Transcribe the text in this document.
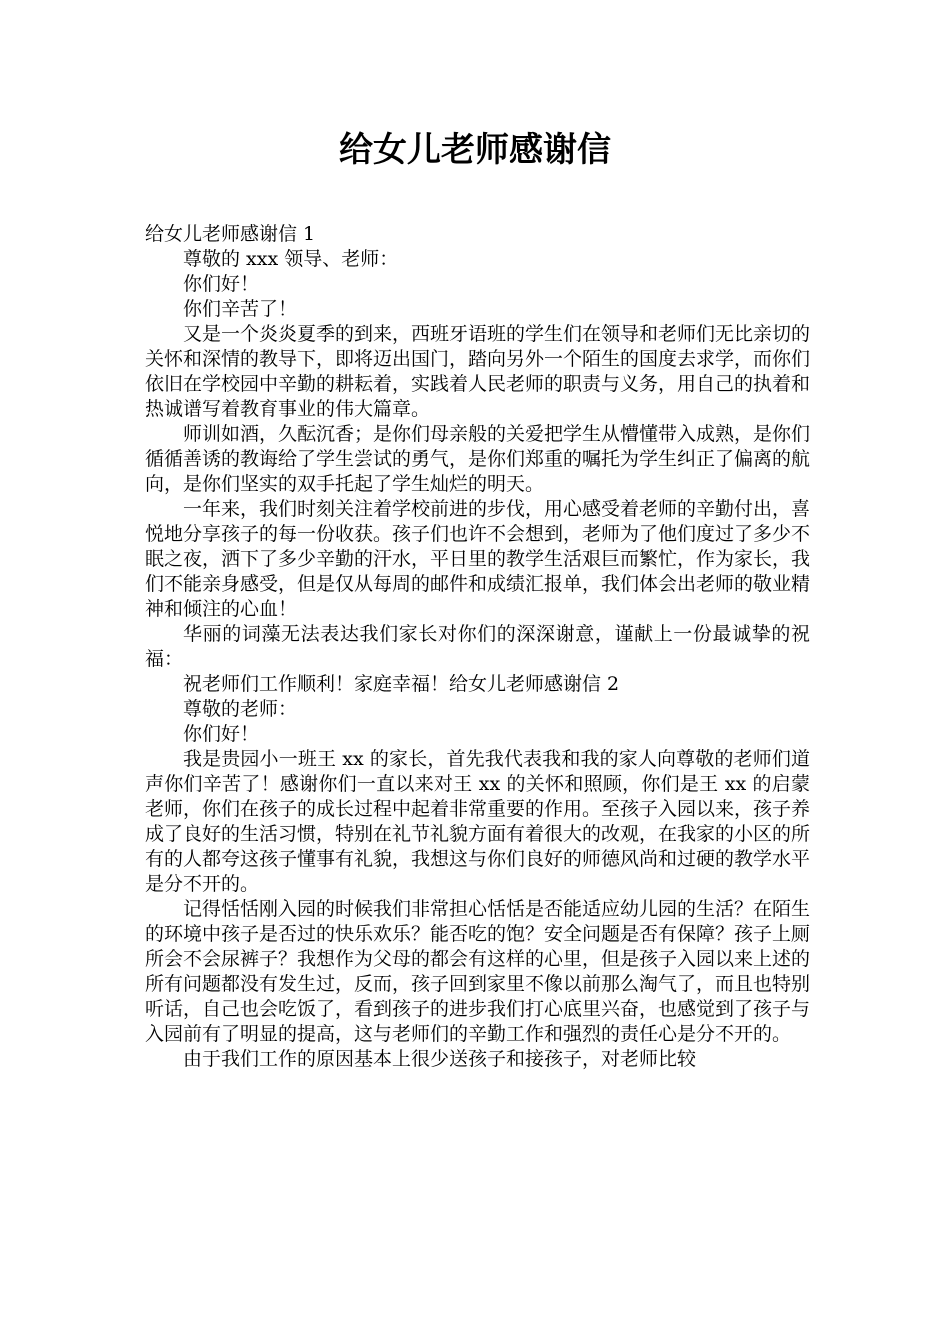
给女儿老师感谢信

给女儿老师感谢信 1

尊敬的 xxx 领导、老师：

你们好！

你们辛苦了！

又是一个炎炎夏季的到来，西班牙语班的学生们在领导和老师们无比亲切的关怀和深情的教导下，即将迈出国门，踏向另外一个陌生的国度去求学，而你们依旧在学校园中辛勤的耕耘着，实践着人民老师的职责与义务，用自己的执着和热诚谱写着教育事业的伟大篇章。

师训如酒，久酝沉香；是你们母亲般的关爱把学生从懵懂带入成熟，是你们循循善诱的教诲给了学生尝试的勇气，是你们郑重的嘱托为学生纠正了偏离的航向，是你们坚实的双手托起了学生灿烂的明天。

一年来，我们时刻关注着学校前进的步伐，用心感受着老师的辛勤付出，喜悦地分享孩子的每一份收获。孩子们也许不会想到，老师为了他们度过了多少不眠之夜，洒下了多少辛勤的汗水，平日里的教学生活艰巨而繁忙，作为家长，我们不能亲身感受，但是仅从每周的邮件和成绩汇报单，我们体会出老师的敬业精神和倾注的心血！

华丽的词藻无法表达我们家长对你们的深深谢意，谨献上一份最诚挚的祝福：

祝老师们工作顺利！家庭幸福！给女儿老师感谢信 2

尊敬的老师：

你们好！

我是贵园小一班王 xx 的家长，首先我代表我和我的家人向尊敬的老师们道声你们辛苦了！感谢你们一直以来对王 xx 的关怀和照顾，你们是王 xx 的启蒙老师，你们在孩子的成长过程中起着非常重要的作用。至孩子入园以来，孩子养成了良好的生活习惯，特别在礼节礼貌方面有着很大的改观，在我家的小区的所有的人都夸这孩子懂事有礼貌，我想这与你们良好的师德风尚和过硬的教学水平是分不开的。

记得恬恬刚入园的时候我们非常担心恬恬是否能适应幼儿园的生活？在陌生的环境中孩子是否过的快乐欢乐？能否吃的饱？安全问题是否有保障？孩子上厕所会不会尿裤子？我想作为父母的都会有这样的心里，但是孩子入园以来上述的所有问题都没有发生过，反而，孩子回到家里不像以前那么淘气了，而且也特别听话，自己也会吃饭了，看到孩子的进步我们打心底里兴奋，也感觉到了孩子与入园前有了明显的提高，这与老师们的辛勤工作和强烈的责任心是分不开的。

由于我们工作的原因基本上很少送孩子和接孩子，对老师比较
